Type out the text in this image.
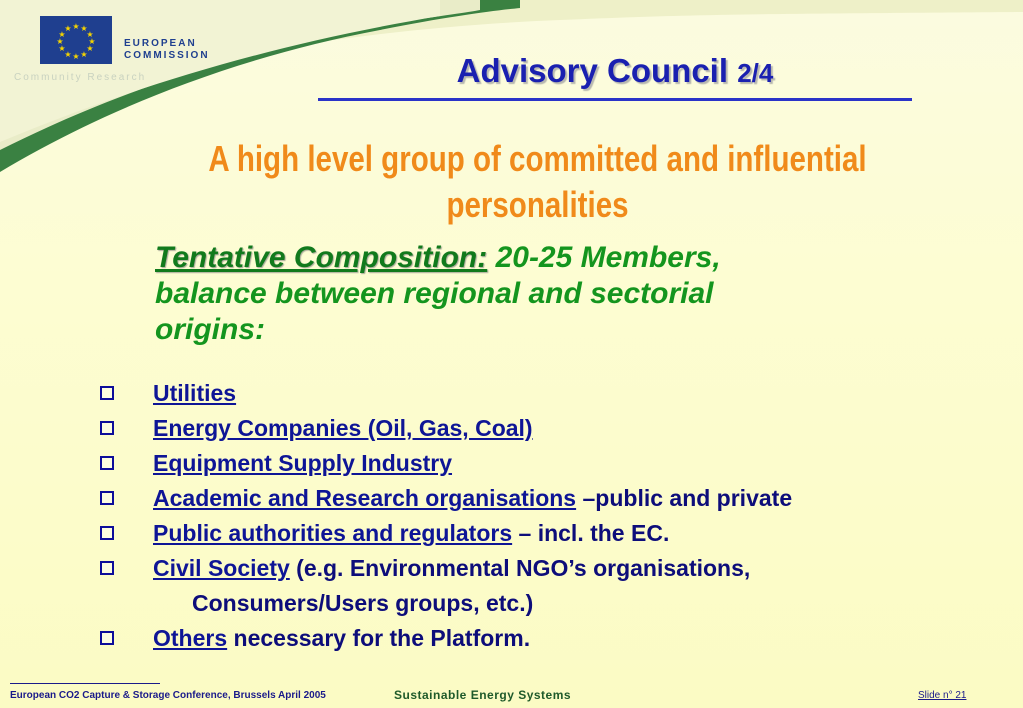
★ ★
★
★
★
★
★
★
★
★
★
★
EUROPEAN
COMMISSION
Community Research	Advisory Council 2/4
A high level group of committed and influential
personalities
Tentative Composition: 20-25 Members,
balance between regional and sectorial
origins:
Utilities
Energy Companies (Oil, Gas, Coal)
Equipment Supply Industry
Academic and Research organisations –public and private
Public authorities and regulators – incl. the EC.
Civil Society (e.g. Environmental NGO’s organisations,
Consumers/Users groups, etc.)
Others necessary for the Platform.
European CO2 Capture & Storage Conference, Brussels April 2005	Sustainable Energy Systems	Slide n° 21
